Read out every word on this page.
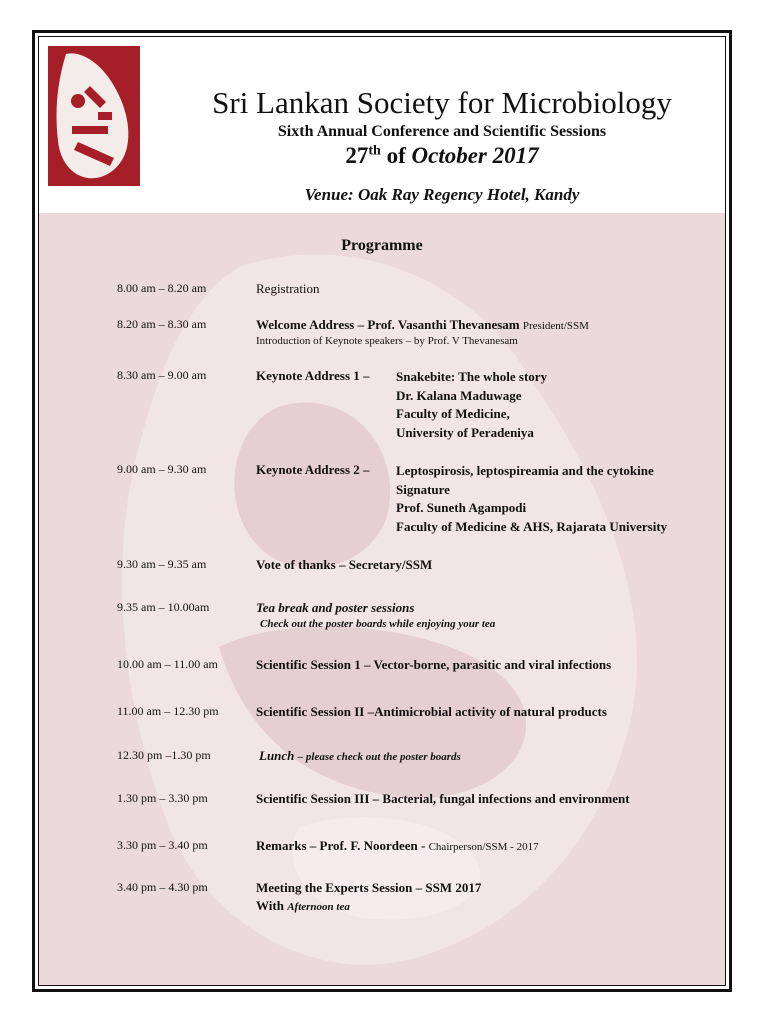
Sri Lankan Society for Microbiology
Sixth Annual Conference and Scientific Sessions
27th of October 2017
Venue: Oak Ray Regency Hotel, Kandy
Programme
8.00 am – 8.20 am	Registration
8.20 am – 8.30 am	Welcome Address – Prof. Vasanthi Thevanesam President/SSM
Introduction of Keynote speakers – by Prof. V Thevanesam
8.30 am – 9.00 am	Keynote Address 1 – Snakebite: The whole story
Dr. Kalana Maduwage
Faculty of Medicine,
University of Peradeniya
9.00 am – 9.30 am	Keynote Address 2 – Leptospirosis, leptospireamia and the cytokine
Signature
Prof. Suneth Agampodi
Faculty of Medicine & AHS, Rajarata University
9.30 am – 9.35 am	Vote of thanks – Secretary/SSM
9.35 am – 10.00am	Tea break and poster sessions
Check out the poster boards while enjoying your tea
10.00 am – 11.00 am	Scientific Session 1 – Vector-borne, parasitic and viral infections
11.00 am – 12.30 pm	Scientific Session II –Antimicrobial activity of natural products
12.30 pm –1.30 pm	Lunch – please check out the poster boards
1.30 pm – 3.30 pm	Scientific Session III – Bacterial, fungal infections and environment
3.30 pm – 3.40 pm	Remarks – Prof. F. Noordeen - Chairperson/SSM - 2017
3.40 pm – 4.30 pm	Meeting the Experts Session – SSM 2017
With Afternoon tea
